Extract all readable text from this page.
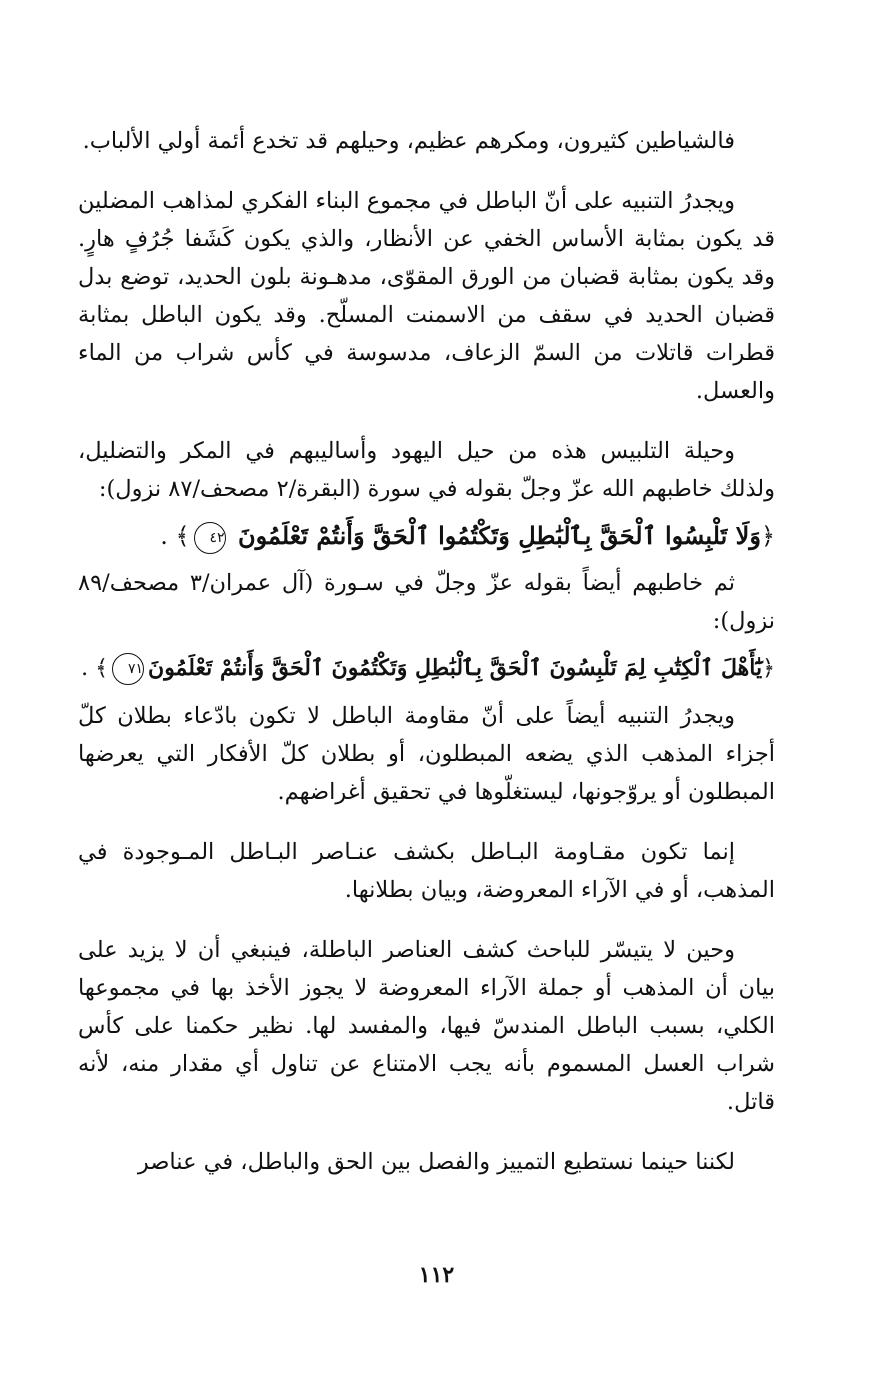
فالشياطين كثيرون، ومكرهم عظيم، وحيلهم قد تخدع أئمة أولي الألباب.

ويجدرُ التنبيه على أنّ الباطل في مجموع البناء الفكري لمذاهب المضلين قد يكون بمثابة الأساس الخفي عن الأنظار، والذي يكون كَشَفا جُرُفٍ هارٍ. وقد يكون بمثابة قضبان من الورق المقوّى، مدهـونة بلون الحديد، توضع بدل قضبان الحديد في سقف من الاسمنت المسلّح. وقد يكون الباطل بمثابة قطرات قاتلات من السمّ الزعاف، مدسوسة في كأس شراب من الماء والعسل.

وحيلة التلبيس هذه من حيل اليهود وأساليبهم في المكر والتضليل، ولذلك خاطبهم الله عزّ وجلّ بقوله في سورة (البقرة/٢ مصحف/٨٧ نزول):

﴿وَلَا تَلْبِسُوا ٱلْحَقَّ بِٱلْبَٰطِلِ وَتَكْتُمُوا ٱلْحَقَّ وَأَنتُمْ تَعْلَمُونَ ٤٢﴾ .

ثم خاطبهم أيضاً بقوله عزّ وجلّ في سـورة (آل عمران/٣ مصحف/٨٩ نزول):

﴿يَٰٓأَهْلَ ٱلْكِتَٰبِ لِمَ تَلْبِسُونَ ٱلْحَقَّ بِٱلْبَٰطِلِ وَتَكْتُمُونَ ٱلْحَقَّ وَأَنتُمْ تَعْلَمُونَ٧١﴾ .

ويجدرُ التنبيه أيضاً على أنّ مقاومة الباطل لا تكون بادّعاء بطلان كلّ أجزاء المذهب الذي يضعه المبطلون، أو بطلان كلّ الأفكار التي يعرضها المبطلون أو يروّجونها، ليستغلّوها في تحقيق أغراضهم.

إنما تكون مقـاومة البـاطل بكشف عنـاصر البـاطل المـوجودة في المذهب، أو في الآراء المعروضة، وبيان بطلانها.

وحين لا يتيسّر للباحث كشف العناصر الباطلة، فينبغي أن لا يزيد على بيان أن المذهب أو جملة الآراء المعروضة لا يجوز الأخذ بها في مجموعها الكلي، بسبب الباطل المندسّ فيها، والمفسد لها. نظير حكمنا على كأس شراب العسل المسموم بأنه يجب الامتناع عن تناول أي مقدار منه، لأنه قاتل.

لكننا حينما نستطيع التمييز والفصل بين الحق والباطل، في عناصر

١١٢
